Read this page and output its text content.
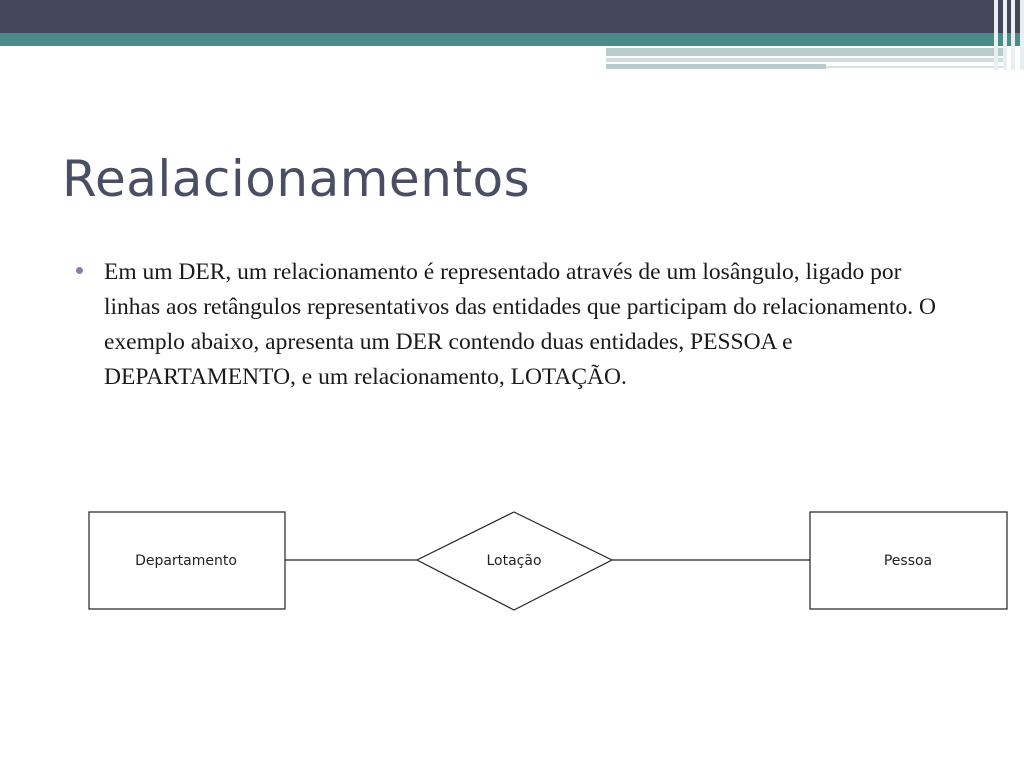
Realacionamentos
Em um DER, um relacionamento é representado através de um losângulo, ligado por linhas aos retângulos representativos das entidades que participam do relacionamento. O exemplo abaixo, apresenta um DER contendo duas entidades, PESSOA e DEPARTAMENTO, e um relacionamento, LOTAÇÃO.
Departamento	Lotação	Pessoa
